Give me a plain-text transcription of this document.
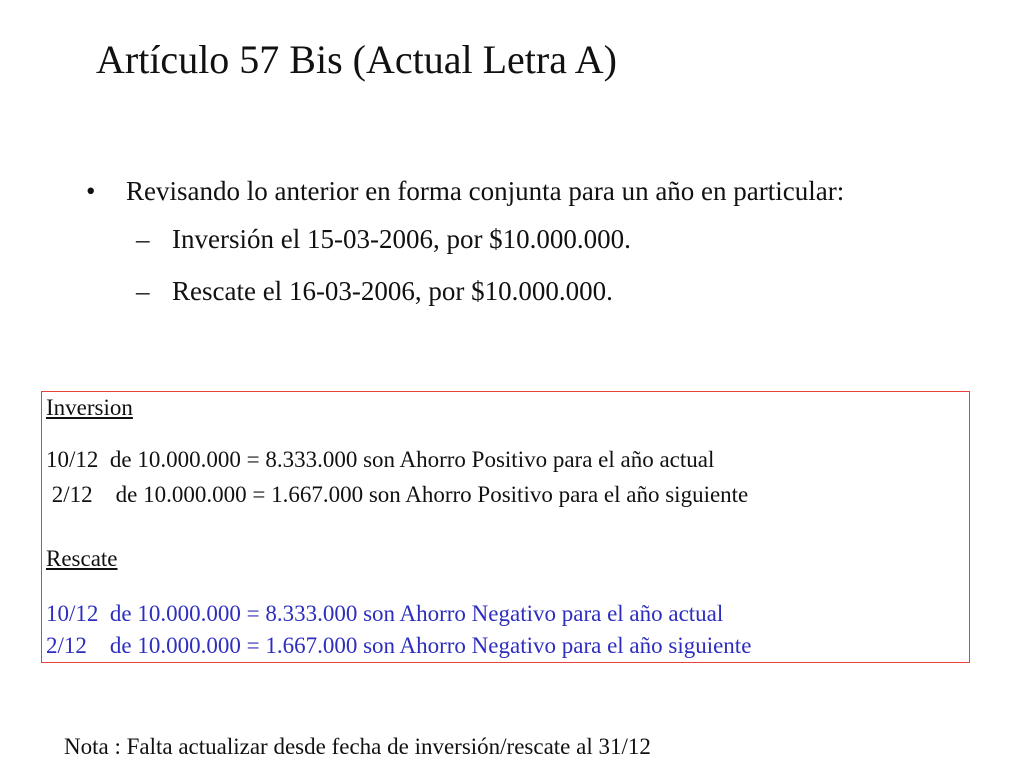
Artículo 57 Bis (Actual Letra A)
• Revisando lo anterior en forma conjunta para un año en particular:
– Inversión el 15-03-2006, por $10.000.000.
– Rescate el 16-03-2006, por $10.000.000.
Inversion
10/12  de 10.000.000 = 8.333.000 son Ahorro Positivo para el año actual
2/12    de 10.000.000 = 1.667.000 son Ahorro Positivo para el año siguiente
Rescate
10/12  de 10.000.000 = 8.333.000 son Ahorro Negativo para el año actual
2/12    de 10.000.000 = 1.667.000 son Ahorro Negativo para el año siguiente
Nota : Falta actualizar desde fecha de inversión/rescate al 31/12
